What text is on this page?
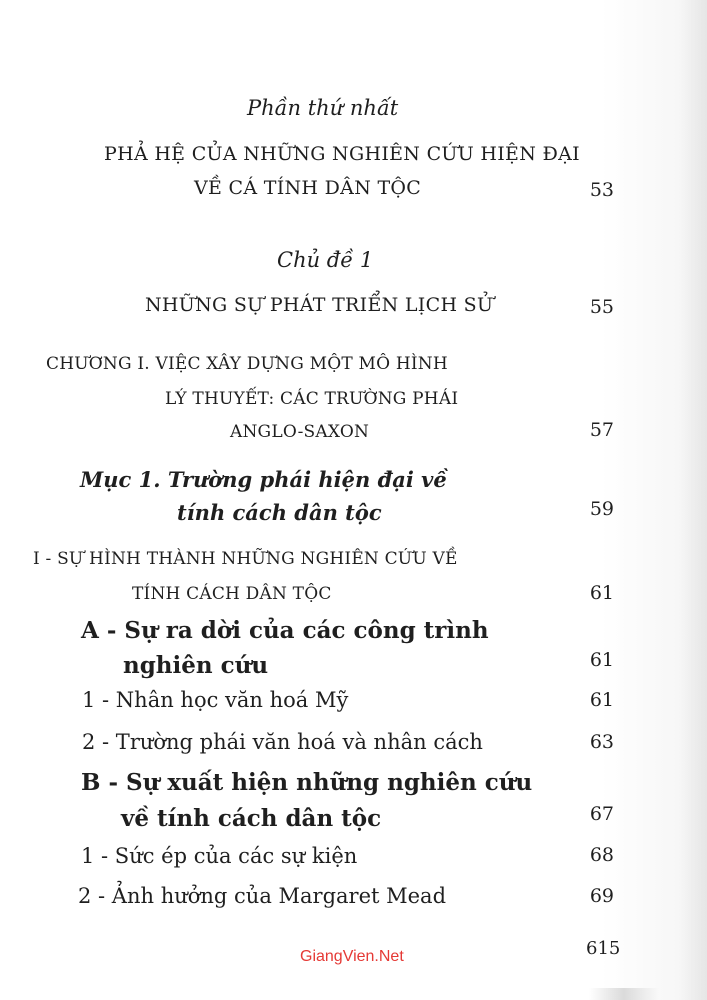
Phần thứ nhất
PHẢ HỆ CỦA NHỮNG NGHIÊN CỨU HIỆN ĐẠI
VỀ CÁ TÍNH DÂN TỘC	53
Chủ đề 1
NHỮNG SỰ PHÁT TRIỂN LỊCH SỬ	55
CHƯƠNG I. VIỆC XÂY DỰNG MỘT MÔ HÌNH
LÝ THUYẾT: CÁC TRƯỜNG PHÁI
ANGLO-SAXON	57
Mục 1. Trường phái hiện đại về
tính cách dân tộc	59
I - SỰ HÌNH THÀNH NHỮNG NGHIÊN CỨU VỀ
TÍNH CÁCH DÂN TỘC	61
A - Sự ra dời của các công trình
nghiên cứu	61
1 - Nhân học văn hoá Mỹ	61
2 - Trường phái văn hoá và nhân cách	63
B - Sự xuất hiện những nghiên cứu
về tính cách dân tộc	67
1 - Sức ép của các sự kiện	68
2 - Ảnh hưởng của Margaret Mead	69
615
GiangVien.Net
